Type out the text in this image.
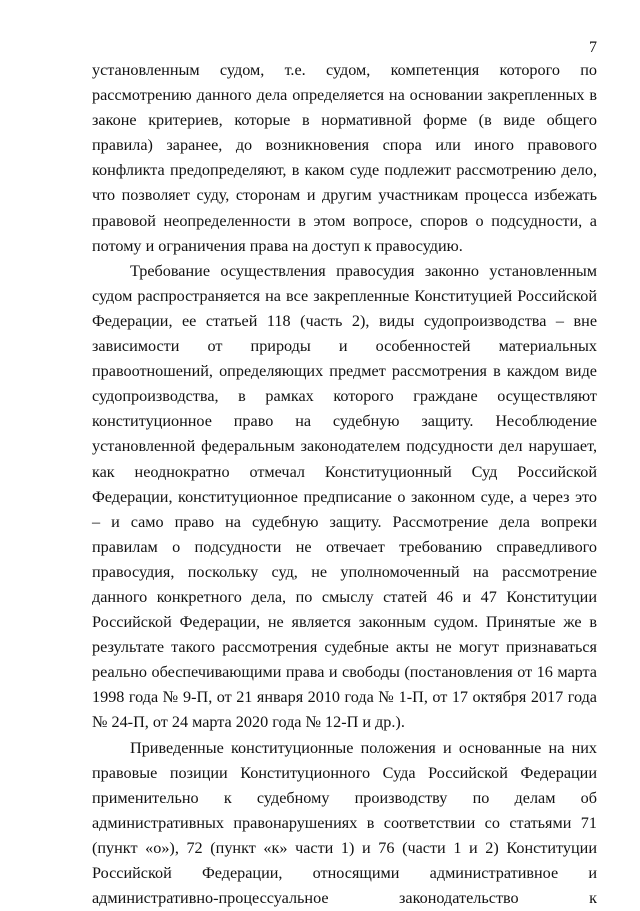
7

установленным судом, т.е. судом, компетенция которого по рассмотрению данного дела определяется на основании закрепленных в законе критериев, которые в нормативной форме (в виде общего правила) заранее, до возникновения спора или иного правового конфликта предопределяют, в каком суде подлежит рассмотрению дело, что позволяет суду, сторонам и другим участникам процесса избежать правовой неопределенности в этом вопросе, споров о подсудности, а потому и ограничения права на доступ к правосудию.

Требование осуществления правосудия законно установленным судом распространяется на все закрепленные Конституцией Российской Федерации, ее статьей 118 (часть 2), виды судопроизводства – вне зависимости от природы и особенностей материальных правоотношений, определяющих предмет рассмотрения в каждом виде судопроизводства, в рамках которого граждане осуществляют конституционное право на судебную защиту. Несоблюдение установленной федеральным законодателем подсудности дел нарушает, как неоднократно отмечал Конституционный Суд Российской Федерации, конституционное предписание о законном суде, а через это – и само право на судебную защиту. Рассмотрение дела вопреки правилам о подсудности не отвечает требованию справедливого правосудия, поскольку суд, не уполномоченный на рассмотрение данного конкретного дела, по смыслу статей 46 и 47 Конституции Российской Федерации, не является законным судом. Принятые же в результате такого рассмотрения судебные акты не могут признаваться реально обеспечивающими права и свободы (постановления от 16 марта 1998 года № 9-П, от 21 января 2010 года № 1-П, от 17 октября 2017 года № 24-П, от 24 марта 2020 года № 12-П и др.).

Приведенные конституционные положения и основанные на них правовые позиции Конституционного Суда Российской Федерации применительно к судебному производству по делам об административных правонарушениях в соответствии со статьями 71 (пункт «о»), 72 (пункт «к» части 1) и 76 (части 1 и 2) Конституции Российской Федерации, относящими административное и административно-процессуальное законодательство к
